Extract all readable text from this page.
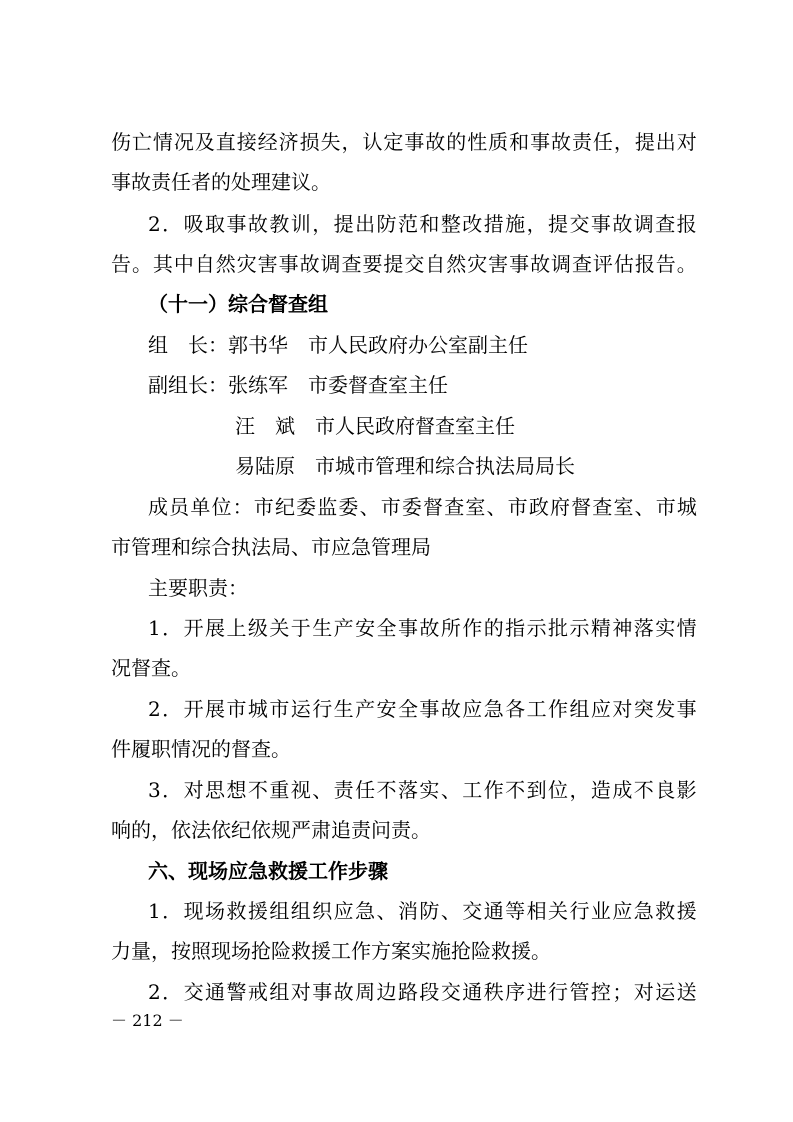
伤 亡 情 况 及 直 接 经 济 损 失 ， 认 定 事 故 的 性 质 和 事 故 责 任 ， 提 出 对
事故责任者的处理建议。
2 ． 吸 取 事 故 教 训 ， 提 出 防 范 和 整 改 措 施 ， 提 交 事 故 调 查 报
告 。 其 中 自 然 灾 害 事 故 调 查 要 提 交 自 然 灾 害 事 故 调 查 评 估 报 告 。
（十一）综合督查组
组　长：郭书华　市人民政府办公室副主任
副组长：张练军　市委督查室主任
汪　斌　市人民政府督查室主任
易陆原　市城市管理和综合执法局局长
成 员 单 位 ： 市 纪 委 监 委 、 市 委 督 查 室 、 市 政 府 督 查 室 、 市 城
市管理和综合执法局、市应急管理局
主要职责：
1 ． 开 展 上 级 关 于 生 产 安 全 事 故 所 作 的 指 示 批 示 精 神 落 实 情
况督查。
2 ． 开 展 市 城 市 运 行 生 产 安 全 事 故 应 急 各 工 作 组 应 对 突 发 事
件履职情况的督查。
3 ． 对 思 想 不 重 视 、 责 任 不 落 实 、 工 作 不 到 位 ， 造 成 不 良 影
响的，依法依纪依规严肃追责问责。
六、现场应急救援工作步骤
1 ． 现 场 救 援 组 组 织 应 急 、 消 防 、 交 通 等 相 关 行 业 应 急 救 援
力量，按照现场抢险救援工作方案实施抢险救援。
2 ． 交 通 警 戒 组 对 事 故 周 边 路 段 交 通 秩 序 进 行 管 控 ； 对 运 送
－ 212 －
